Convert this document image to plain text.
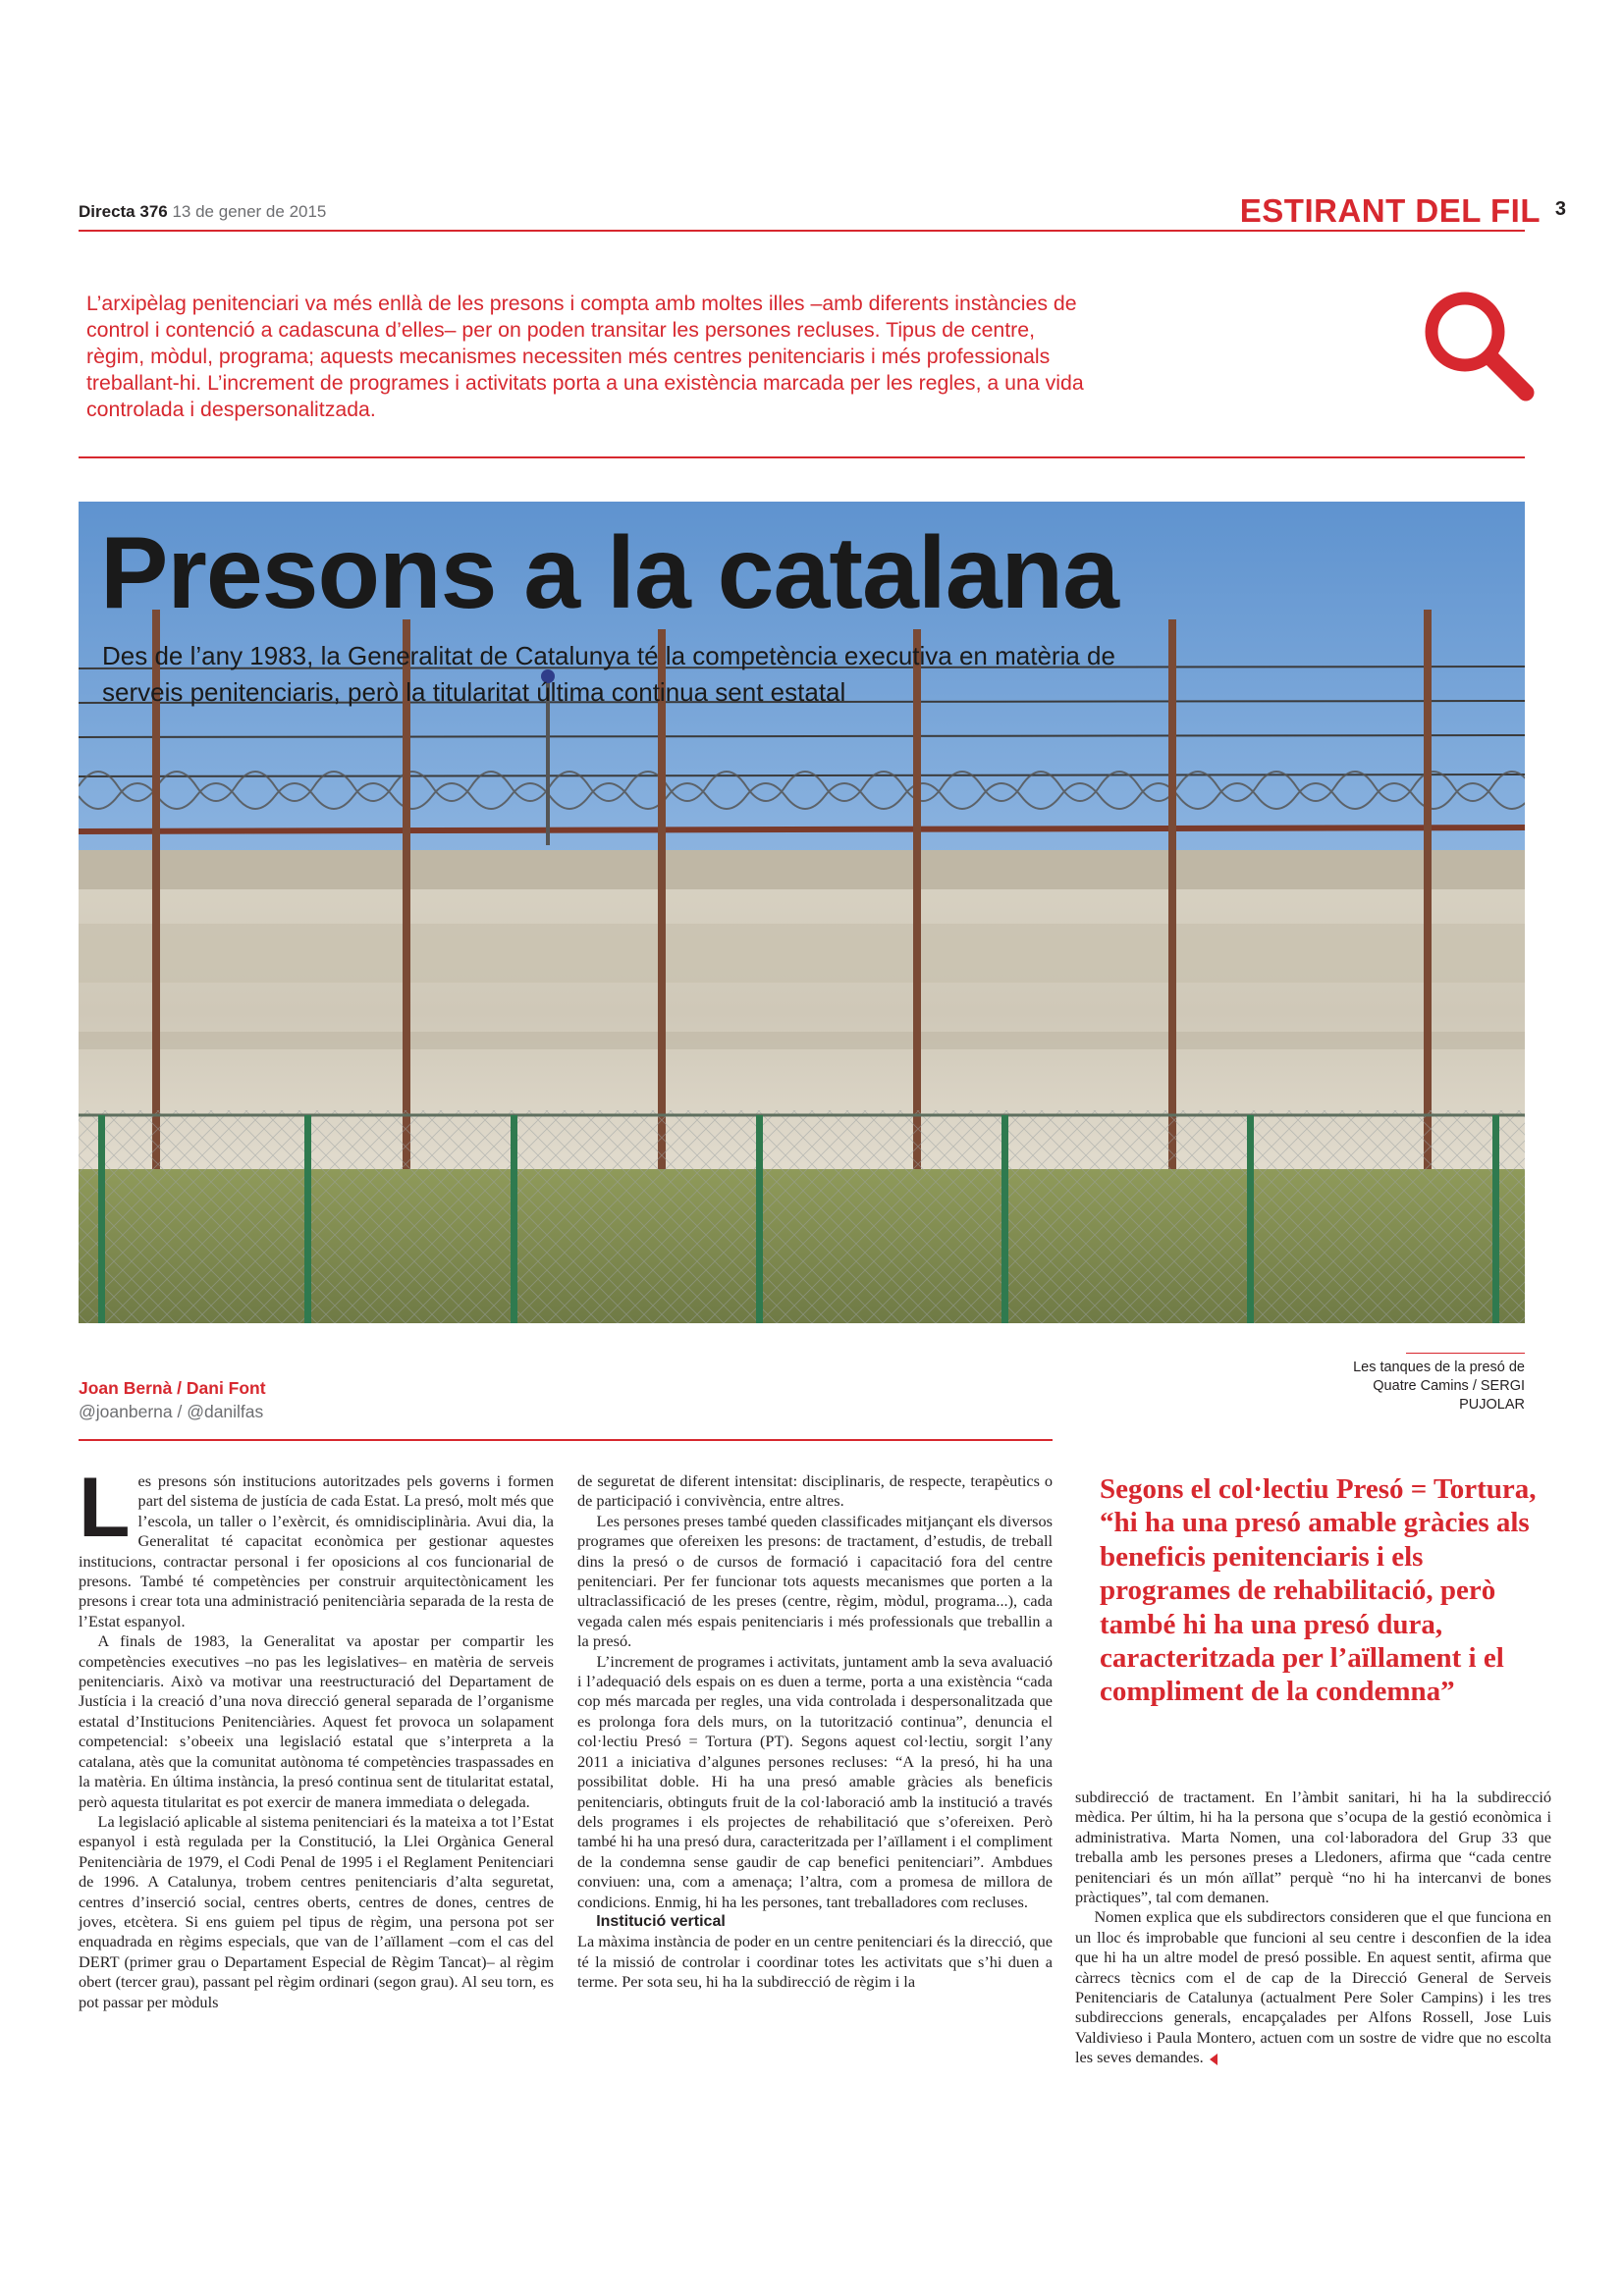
Directa 376 13 de gener de 2015	ESTIRANT DEL FIL 3
L’arxipèlag penitenciari va més enllà de les presons i compta amb moltes illes –amb diferents instàncies de control i contenció a cadascuna d’elles– per on poden transitar les persones recluses. Tipus de centre, règim, mòdul, programa; aquests mecanismes necessiten més centres penitenciaris i més professionals treballant-hi. L’increment de programes i activitats porta a una existència marcada per les regles, a una vida controlada i despersonalitzada.
Presons a la catalana
Des de l’any 1983, la Generalitat de Catalunya té la competència executiva en matèria de serveis penitenciaris, però la titularitat última continua sent estatal
Joan Bernà / Dani Font
@joanberna / @danilfas
Les tanques de la presó de Quatre Camins / SERGI PUJOLAR

Les presons són institucions autoritzades pels governs i formen part del sistema de justícia de cada Estat. La presó, molt més que l’escola, un taller o l’exèrcit, és omnidisciplinària. Avui dia, la Generalitat té capacitat econòmica per gestionar aquestes institucions, contractar personal i fer oposicions al cos funcionarial de presons. També té competències per construir arquitectònicament les presons i crear tota una administració penitenciària separada de la resta de l’Estat espanyol.

A finals de 1983, la Generalitat va apostar per compartir les competències executives –no pas les legislatives– en matèria de serveis penitenciaris. Això va motivar una reestructuració del Departament de Justícia i la creació d’una nova direcció general separada de l’organisme estatal d’Institucions Penitenciàries. Aquest fet provoca un solapament competencial: s’obeeix una legislació estatal que s’interpreta a la catalana, atès que la comunitat autònoma té competències traspassades en la matèria. En última instància, la presó continua sent de titularitat estatal, però aquesta titularitat es pot exercir de manera immediata o delegada.

La legislació aplicable al sistema penitenciari és la mateixa a tot l’Estat espanyol i està regulada per la Constitució, la Llei Orgànica General Penitenciària de 1979, el Codi Penal de 1995 i el Reglament Penitenciari de 1996. A Catalunya, trobem centres penitenciaris d’alta seguretat, centres d’inserció social, centres oberts, centres de dones, centres de joves, etcètera. Si ens guiem pel tipus de règim, una persona pot ser enquadrada en règims especials, que van de l’aïllament –com el cas del DERT (primer grau o Departament Especial de Règim Tancat)– al règim obert (tercer grau), passant pel règim ordinari (segon grau). Al seu torn, es pot passar per mòduls

de seguretat de diferent intensitat: disciplinaris, de respecte, terapèutics o de participació i convivència, entre altres.

Les persones preses també queden classificades mitjançant els diversos programes que ofereixen les presons: de tractament, d’estudis, de treball dins la presó o de cursos de formació i capacitació fora del centre penitenciari. Per fer funcionar tots aquests mecanismes que porten a la ultraclassificació de les preses (centre, règim, mòdul, programa...), cada vegada calen més espais penitenciaris i més professionals que treballin a la presó.

L’increment de programes i activitats, juntament amb la seva avaluació i l’adequació dels espais on es duen a terme, porta a una existència “cada cop més marcada per regles, una vida controlada i despersonalitzada que es prolonga fora dels murs, on la tutorització continua”, denuncia el col·lectiu Presó = Tortura (PT). Segons aquest col·lectiu, sorgit l’any 2011 a iniciativa d’algunes persones recluses: “A la presó, hi ha una possibilitat doble. Hi ha una presó amable gràcies als beneficis penitenciaris, obtinguts fruit de la col·laboració amb la institució a través dels programes i els projectes de rehabilitació que s’ofereixen. Però també hi ha una presó dura, caracteritzada per l’aïllament i el compliment de la condemna sense gaudir de cap benefici penitenciari”. Ambdues conviuen: una, com a amenaça; l’altra, com a promesa de millora de condicions. Enmig, hi ha les persones, tant treballadores com recluses.

Institució vertical

La màxima instància de poder en un centre penitenciari és la direcció, que té la missió de controlar i coordinar totes les activitats que s’hi duen a terme. Per sota seu, hi ha la subdirecció de règim i la

Segons el col·lectiu Presó = Tortura, “hi ha una presó amable gràcies als beneficis penitenciaris i els programes de rehabilitació, però també hi ha una presó dura, caracteritzada per l’aïllament i el compliment de la condemna”

subdirecció de tractament. En l’àmbit sanitari, hi ha la subdirecció mèdica. Per últim, hi ha la persona que s’ocupa de la gestió econòmica i administrativa. Marta Nomen, una col·laboradora del Grup 33 que treballa amb les persones preses a Lledoners, afirma que “cada centre penitenciari és un món aïllat” perquè “no hi ha intercanvi de bones pràctiques”, tal com demanen.

Nomen explica que els subdirectors consideren que el que funciona en un lloc és improbable que funcioni al seu centre i desconfien de la idea que hi ha un altre model de presó possible. En aquest sentit, afirma que càrrecs tècnics com el de cap de la Direcció General de Serveis Penitenciaris de Catalunya (actualment Pere Soler Campins) i les tres subdireccions generals, encapçalades per Alfons Rossell, Jose Luis Valdivieso i Paula Montero, actuen com un sostre de vidre que no escolta les seves demandes.
